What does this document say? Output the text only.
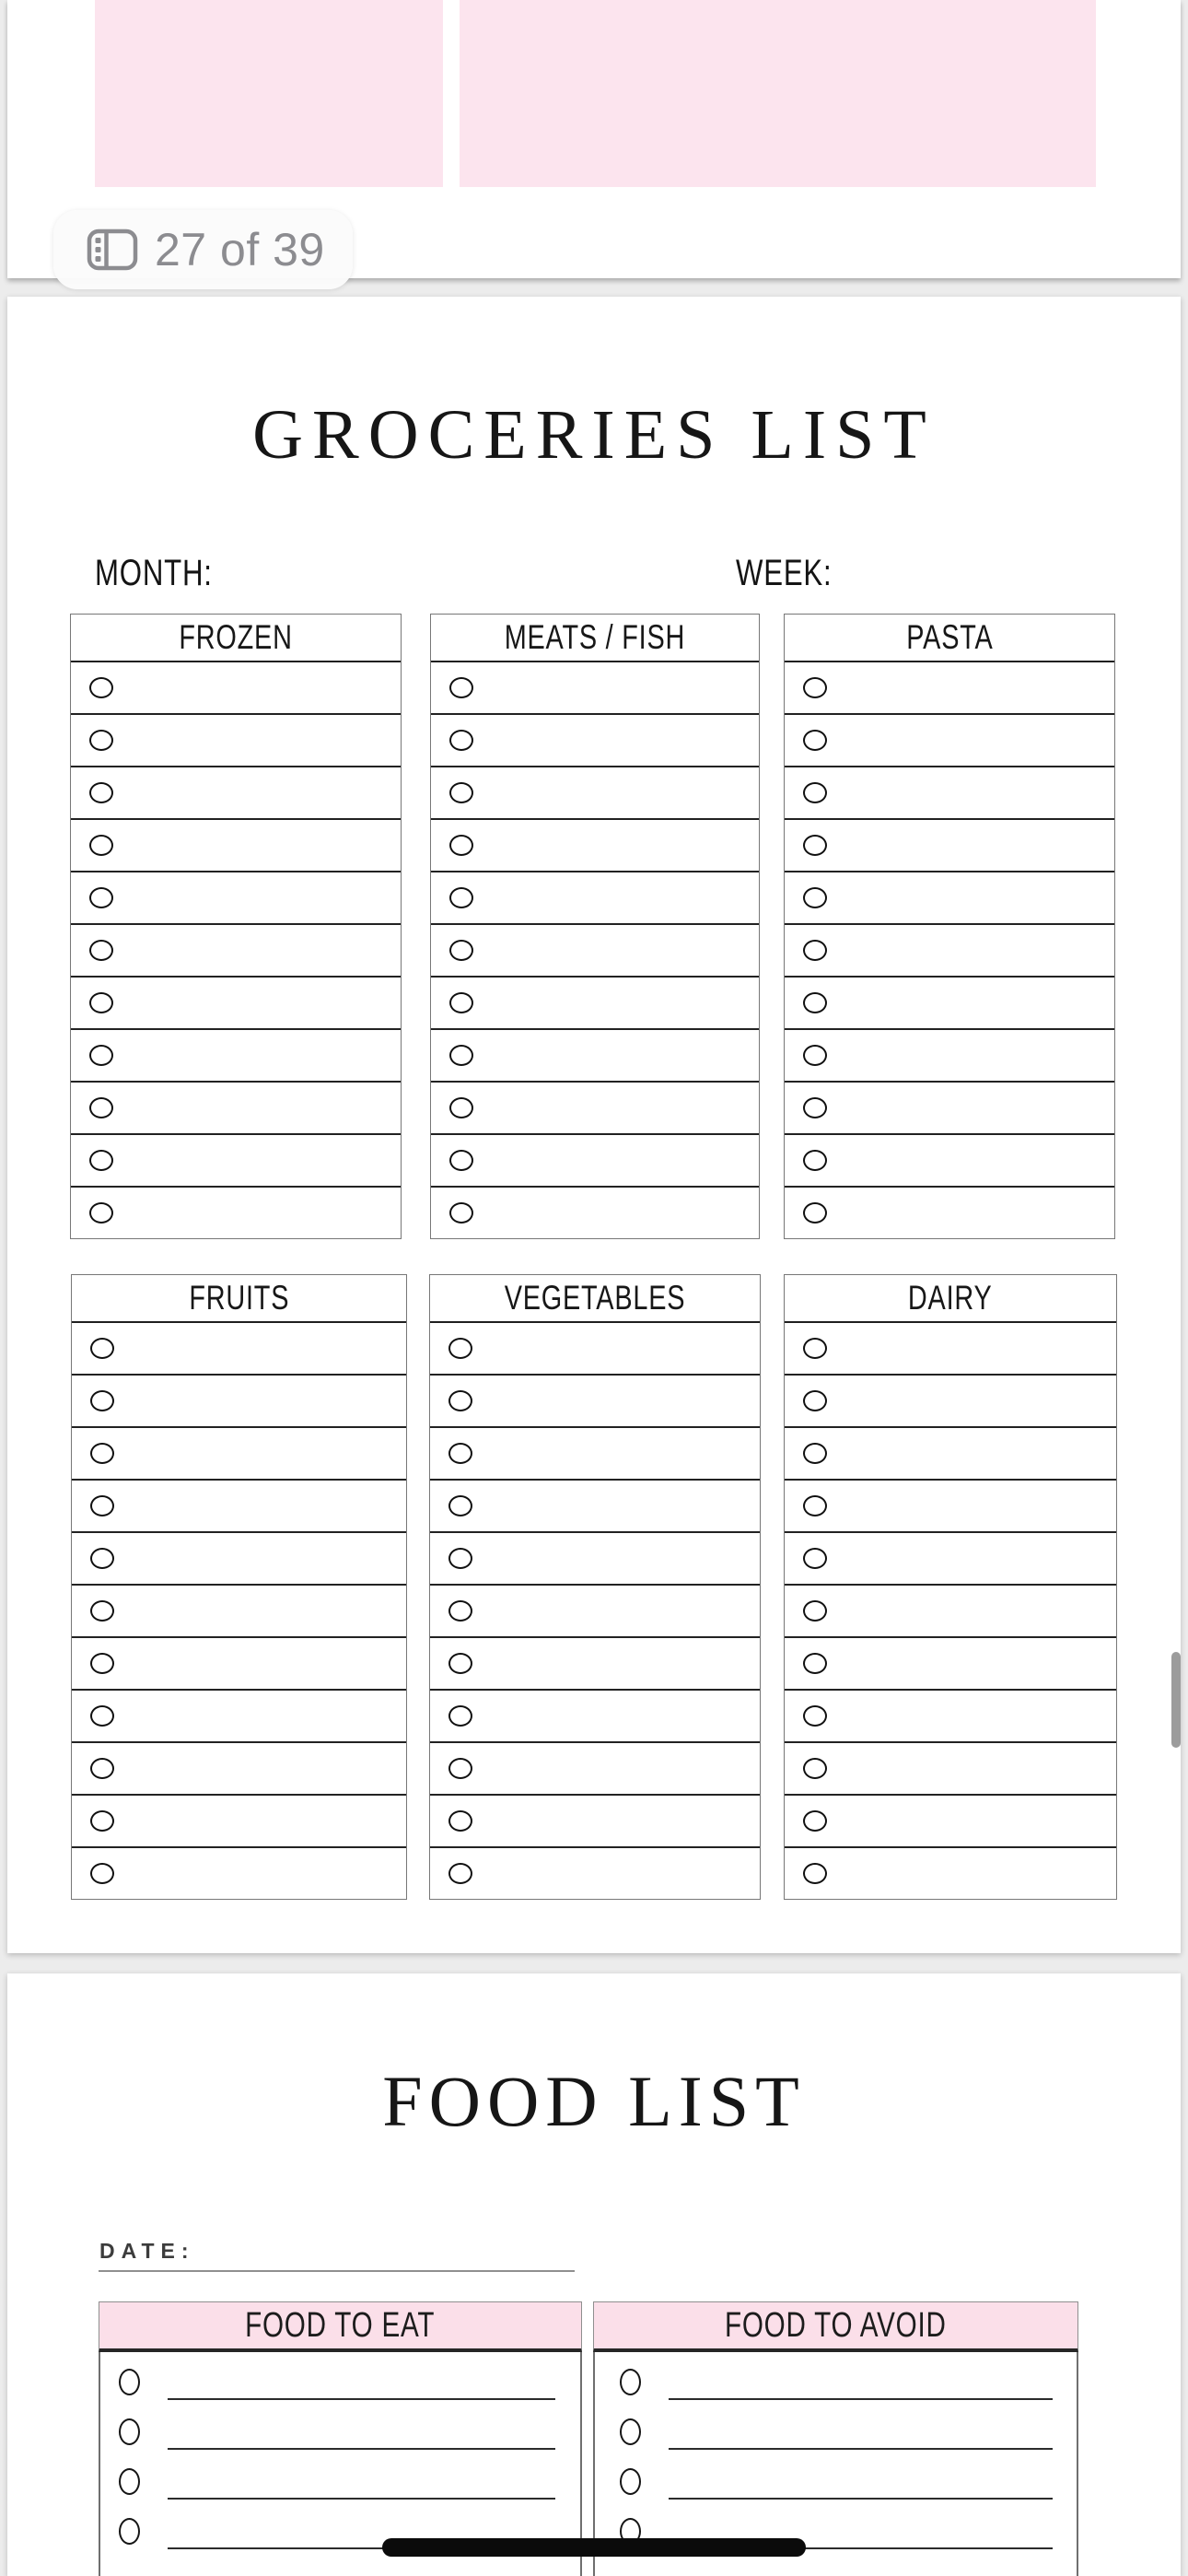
27 of 39
GROCERIES LIST
MONTH:	WEEK:
FROZEN	MEATS / FISH	PASTA
FRUITS	VEGETABLES	DAIRY
FOOD LIST
DATE:
FOOD TO EAT	FOOD TO AVOID
